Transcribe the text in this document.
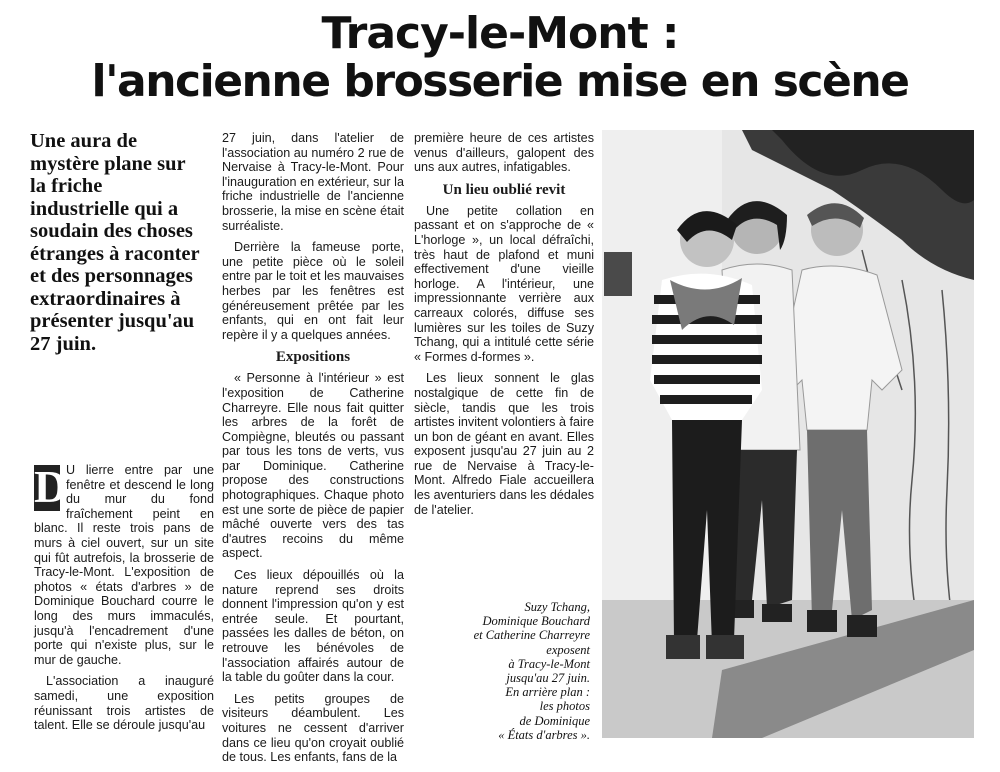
Tracy-le-Mont :
l'ancienne brosserie mise en scène
Une aura de mystère plane sur la friche industrielle qui a soudain des choses étranges à raconter et des personnages extraordinaires à présenter jusqu'au 27 juin.

D
U lierre entre par une fenêtre et descend le long du mur du fond fraîchement peint en blanc. Il reste trois pans de murs à ciel ouvert, sur un site qui fût autrefois, la brosserie de Tracy-le-Mont. L'exposition de photos « états d'arbres » de Dominique Bouchard courre le long des murs immaculés, jusqu'à l'encadrement d'une porte qui n'existe plus, sur le mur de gauche.

L'association a inauguré samedi, une exposition réunissant trois artistes de talent. Elle se déroule jusqu'au

27 juin, dans l'atelier de l'association au numéro 2 rue de Nervaise à Tracy-le-Mont. Pour l'inauguration en extérieur, sur la friche industrielle de l'ancienne brosserie, la mise en scène était surréaliste.

Derrière la fameuse porte, une petite pièce où le soleil entre par le toit et les mauvaises herbes par les fenêtres est généreusement prêtée par les enfants, qui en ont fait leur repère il y a quelques années.

Expositions

« Personne à l'intérieur » est l'exposition de Catherine Charreyre. Elle nous fait quitter les arbres de la forêt de Compiègne, bleutés ou passant par tous les tons de verts, vus par Dominique. Catherine propose des constructions photographiques. Chaque photo est une sorte de pièce de papier mâché ouverte vers des tas d'autres recoins du même aspect.

Ces lieux dépouillés où la nature reprend ses droits donnent l'impression qu'on y est entrée seule. Et pourtant, passées les dalles de béton, on retrouve les bénévoles de l'association affairés autour de la table du goûter dans la cour.

Les petits groupes de visiteurs déambulent. Les voitures ne cessent d'arriver dans ce lieu qu'on croyait oublié de tous. Les enfants, fans de la

première heure de ces artistes venus d'ailleurs, galopent des uns aux autres, infatigables.

Un lieu oublié revit

Une petite collation en passant et on s'approche de « L'horloge », un local défraîchi, très haut de plafond et muni effectivement d'une vieille horloge. A l'intérieur, une impressionnante verrière aux carreaux colorés, diffuse ses lumières sur les toiles de Suzy Tchang, qui a intitulé cette série « Formes d-formes ».

Les lieux sonnent le glas nostalgique de cette fin de siècle, tandis que les trois artistes invitent volontiers à faire un bon de géant en avant. Elles exposent jusqu'au 27 juin au 2 rue de Nervaise à Tracy-le-Mont. Alfredo Fiale accueillera les aventuriers dans les dédales de l'atelier.

Suzy Tchang,
Dominique Bouchard
et Catherine Charreyre
exposent
à Tracy-le-Mont
jusqu'au 27 juin.
En arrière plan :
les photos
de Dominique
« États d'arbres ».
